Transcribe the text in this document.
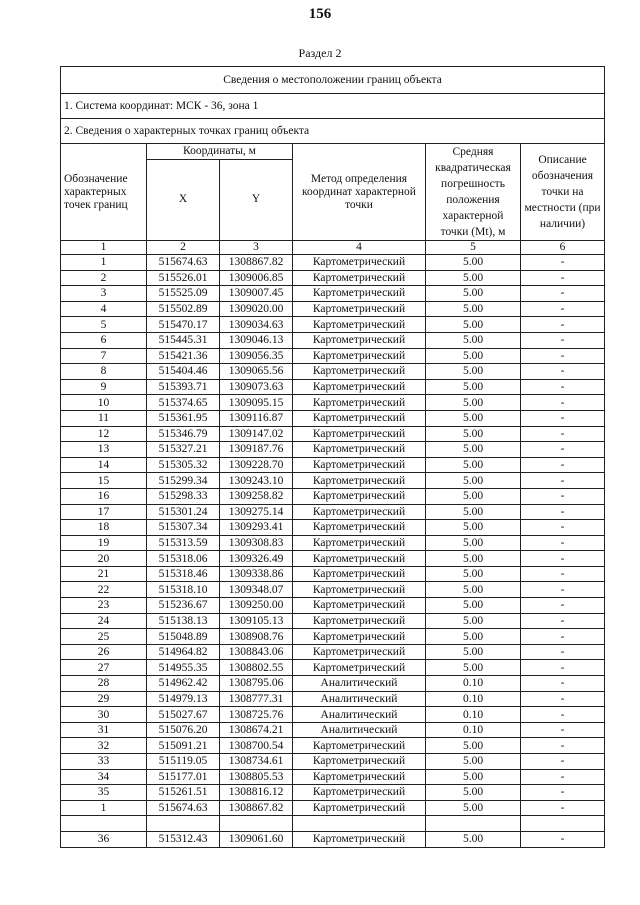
156
Раздел 2
Сведения о местоположении границ объекта					
1. Система координат: МСК - 36, зона 1					
2. Сведения о характерных точках границ объекта					
Обозначение характерных точек границ	Координаты, м		Метод определения координат характерной точки	Средняя квадратическая погрешность положения характерной точки (Mt), м	Описание обозначения точки на местности (при наличии)
	X	Y			
1	2	3	4	5	6
1	515674.63	1308867.82	Картометрический	5.00	-
2	515526.01	1309006.85	Картометрический	5.00	-
3	515525.09	1309007.45	Картометрический	5.00	-
4	515502.89	1309020.00	Картометрический	5.00	-
5	515470.17	1309034.63	Картометрический	5.00	-
6	515445.31	1309046.13	Картометрический	5.00	-
7	515421.36	1309056.35	Картометрический	5.00	-
8	515404.46	1309065.56	Картометрический	5.00	-
9	515393.71	1309073.63	Картометрический	5.00	-
10	515374.65	1309095.15	Картометрический	5.00	-
11	515361.95	1309116.87	Картометрический	5.00	-
12	515346.79	1309147.02	Картометрический	5.00	-
13	515327.21	1309187.76	Картометрический	5.00	-
14	515305.32	1309228.70	Картометрический	5.00	-
15	515299.34	1309243.10	Картометрический	5.00	-
16	515298.33	1309258.82	Картометрический	5.00	-
17	515301.24	1309275.14	Картометрический	5.00	-
18	515307.34	1309293.41	Картометрический	5.00	-
19	515313.59	1309308.83	Картометрический	5.00	-
20	515318.06	1309326.49	Картометрический	5.00	-
21	515318.46	1309338.86	Картометрический	5.00	-
22	515318.10	1309348.07	Картометрический	5.00	-
23	515236.67	1309250.00	Картометрический	5.00	-
24	515138.13	1309105.13	Картометрический	5.00	-
25	515048.89	1308908.76	Картометрический	5.00	-
26	514964.82	1308843.06	Картометрический	5.00	-
27	514955.35	1308802.55	Картометрический	5.00	-
28	514962.42	1308795.06	Аналитический	0.10	-
29	514979.13	1308777.31	Аналитический	0.10	-
30	515027.67	1308725.76	Аналитический	0.10	-
31	515076.20	1308674.21	Аналитический	0.10	-
32	515091.21	1308700.54	Картометрический	5.00	-
33	515119.05	1308734.61	Картометрический	5.00	-
34	515177.01	1308805.53	Картометрический	5.00	-
35	515261.51	1308816.12	Картометрический	5.00	-
1	515674.63	1308867.82	Картометрический	5.00	-

36	515312.43	1309061.60	Картометрический	5.00	-
